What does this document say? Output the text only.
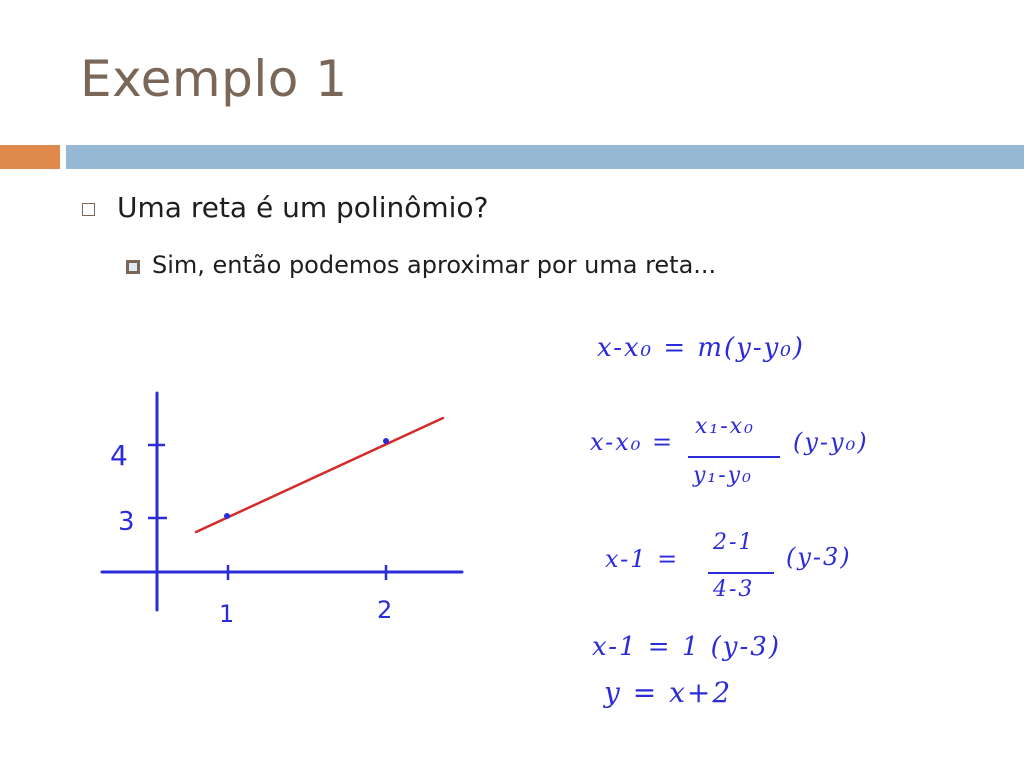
Exemplo 1
Uma reta é um polinômio?
Sim, então podemos aproximar por uma reta...
4
3
1	2
x-x₀ = m(y-y₀)
x-x₀ =
x₁-x₀
y₁-y₀
(y-y₀)
x-1 =
2-1
4-3
(y-3)
x-1 = 1 (y-3)
y = x+2
